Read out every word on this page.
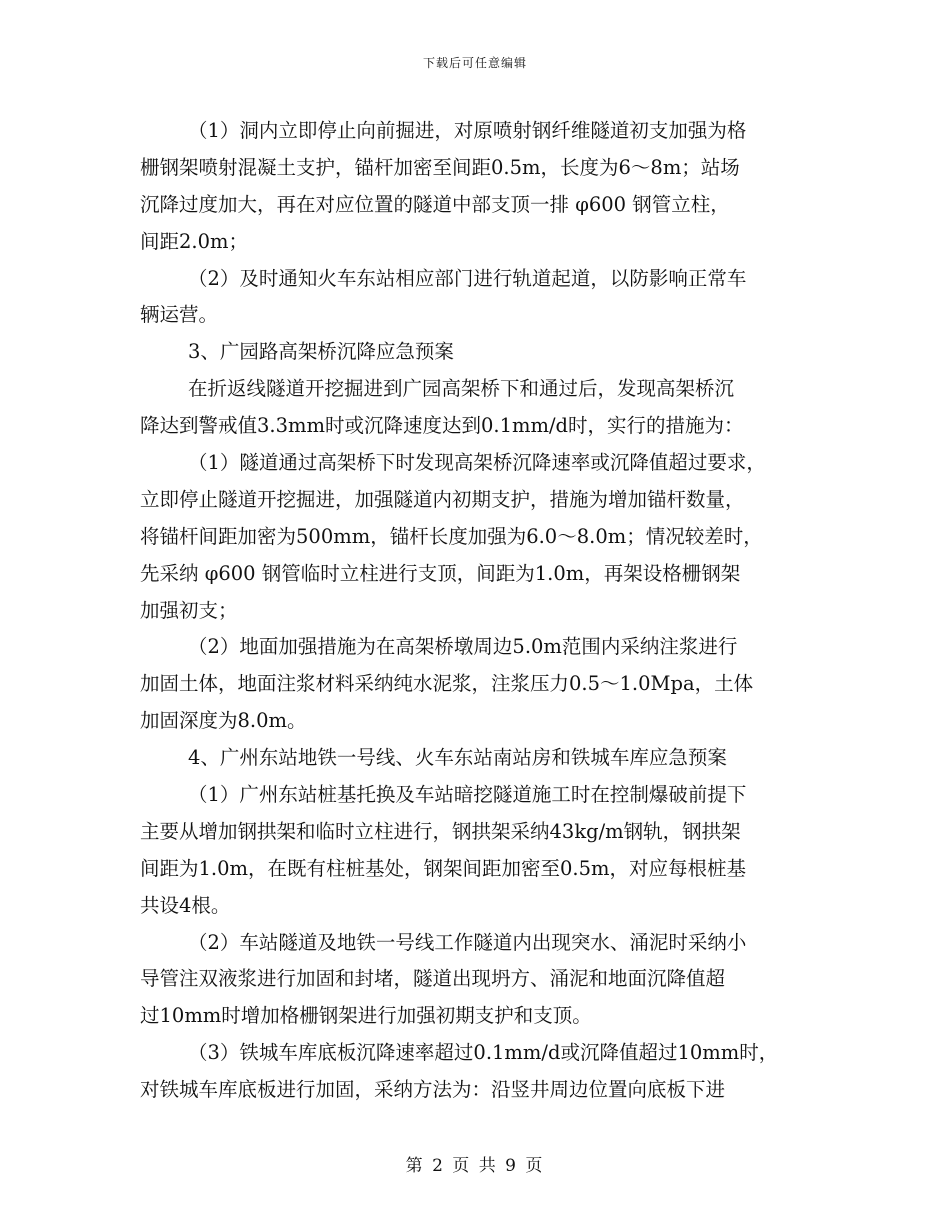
下载后可任意编辑
（1）洞内立即停止向前掘进，对原喷射钢纤维隧道初支加强为格
栅钢架喷射混凝土支护，锚杆加密至间距0.5m，长度为6～8m；站场
沉降过度加大，再在对应位置的隧道中部支顶一排 φ600 钢管立柱，
间距2.0m；
（2）及时通知火车东站相应部门进行轨道起道，以防影响正常车
辆运营。
3、广园路高架桥沉降应急预案
在折返线隧道开挖掘进到广园高架桥下和通过后，发现高架桥沉
降达到警戒值3.3mm时或沉降速度达到0.1mm/d时，实行的措施为：
（1）隧道通过高架桥下时发现高架桥沉降速率或沉降值超过要求，
立即停止隧道开挖掘进，加强隧道内初期支护，措施为增加锚杆数量，
将锚杆间距加密为500mm，锚杆长度加强为6.0～8.0m；情况较差时，
先采纳 φ600 钢管临时立柱进行支顶，间距为1.0m，再架设格栅钢架
加强初支；
（2）地面加强措施为在高架桥墩周边5.0m范围内采纳注浆进行
加固土体，地面注浆材料采纳纯水泥浆，注浆压力0.5～1.0Mpa，土体
加固深度为8.0m。
4、广州东站地铁一号线、火车东站南站房和铁城车库应急预案
（1）广州东站桩基托换及车站暗挖隧道施工时在控制爆破前提下
主要从增加钢拱架和临时立柱进行，钢拱架采纳43kg/m钢轨，钢拱架
间距为1.0m，在既有柱桩基处，钢架间距加密至0.5m，对应每根桩基
共设4根。
（2）车站隧道及地铁一号线工作隧道内出现突水、涌泥时采纳小
导管注双液浆进行加固和封堵，隧道出现坍方、涌泥和地面沉降值超
过10mm时增加格栅钢架进行加强初期支护和支顶。
（3）铁城车库底板沉降速率超过0.1mm/d或沉降值超过10mm时，
对铁城车库底板进行加固，采纳方法为：沿竖井周边位置向底板下进
第 2 页 共 9 页
